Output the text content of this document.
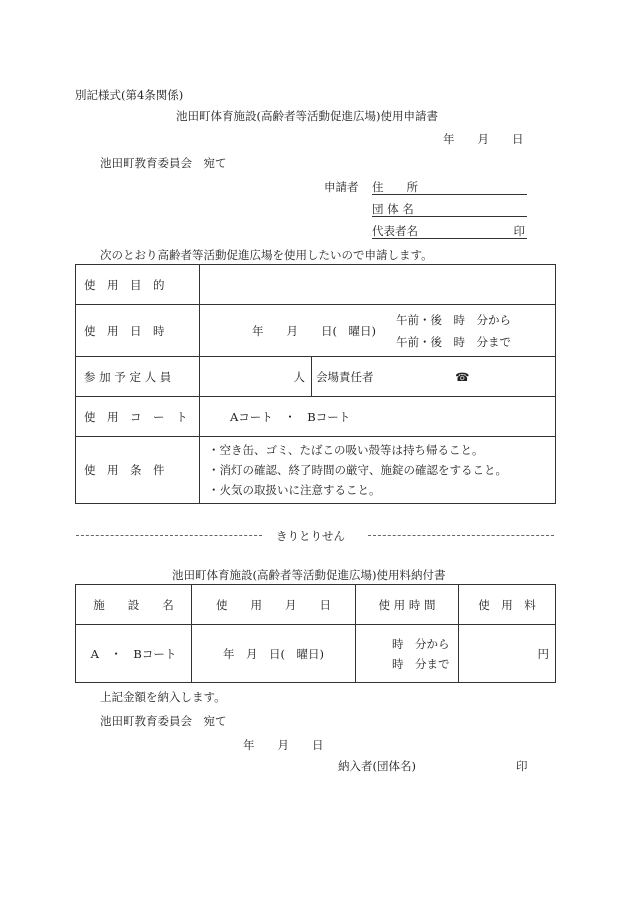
別記様式(第4条関係)
池田町体育施設(高齢者等活動促進広場)使用申請書
年　　月　　日
池田町教育委員会　宛て
申請者 住　　所
団 体 名
代表者名	印
次のとおり高齢者等活動促進広場を使用したいので申請します。
使　用　目　的		
使　用　日　時	年　　月　　日(　曜日)
午前・後　時　分から
午前・後　時　分まで	

参 加 予 定 人 員	人	会場責任者 ☎
使　用　コ　ー　ト	Aコート　・　Bコート	
使　用　条　件	・空き缶、ゴミ、たばこの吸い殻等は持ち帰ること。
・消灯の確認、終了時間の厳守、施錠の確認をすること。
・火気の取扱いに注意すること。	
きりとりせん
池田町体育施設(高齢者等活動促進広場)使用料納付書
施　　設　　名	使　　用　　月　　日	使 用 時 間	使　用　料
A　・　Bコート	年　月　日(　曜日)	時　分から
時　分まで	円
上記金額を納入します。
池田町教育委員会　宛て
年　　月　　日
納入者(団体名)	印
